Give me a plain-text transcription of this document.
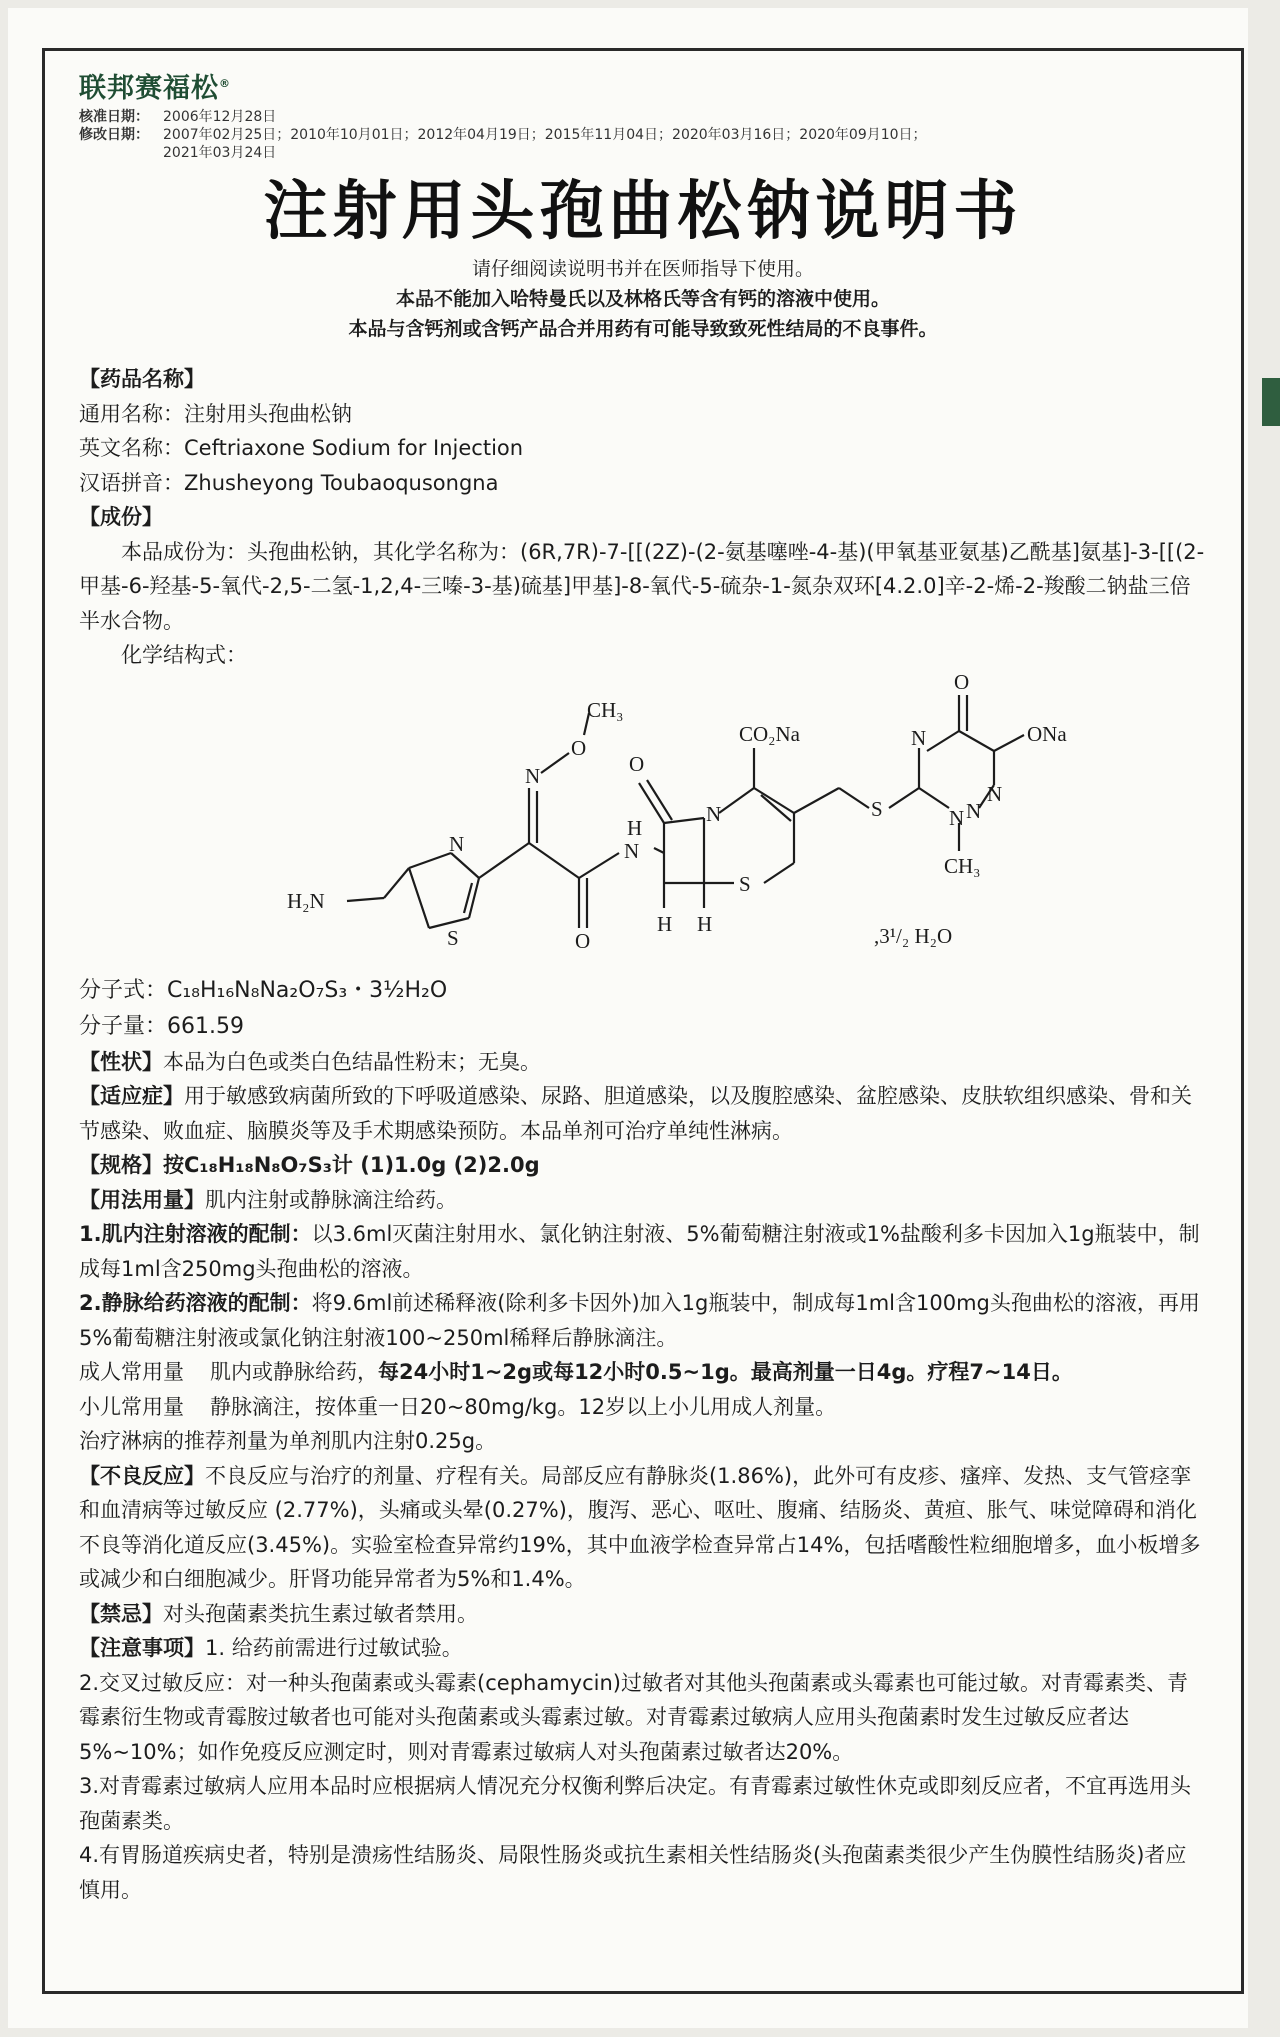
联邦赛福松®
核准日期：	2006年12月28日
修改日期：	2007年02月25日；2010年10月01日；2012年04月19日；2015年11月04日；2020年03月16日；2020年09月10日；
2021年03月24日
注射用头孢曲松钠说明书
请仔细阅读说明书并在医师指导下使用。
本品不能加入哈特曼氏以及林格氏等含有钙的溶液中使用。
本品与含钙剂或含钙产品合并用药有可能导致致死性结局的不良事件。

【药品名称】

通用名称：注射用头孢曲松钠

英文名称：Ceftriaxone Sodium for Injection

汉语拼音：Zhusheyong Toubaoqusongna

【成份】

本品成份为：头孢曲松钠，其化学名称为：(6R,7R)-7-[[(2Z)-(2-氨基噻唑-4-基)(甲氧基亚氨基)乙酰基]氨基]-3-[[(2-甲基-6-羟基-5-氧代-2,5-二氢-1,2,4-三嗪-3-基)硫基]甲基]-8-氧代-5-硫杂-1-氮杂双环[4.2.0]辛-2-烯-2-羧酸二钠盐三倍半水合物。

化学结构式：

CH₃
O
N	O
N
CO₂Na
H
N
H₂N
N
S	O
H H
S
S
O
N	ONa
N N
N
CH₃
,3¹/₂ H₂O

分子式：C₁₈H₁₆N₈Na₂O₇S₃・3½H₂O

分子量：661.59

【性状】本品为白色或类白色结晶性粉末；无臭。

【适应症】用于敏感致病菌所致的下呼吸道感染、尿路、胆道感染，以及腹腔感染、盆腔感染、皮肤软组织感染、骨和关节感染、败血症、脑膜炎等及手术期感染预防。本品单剂可治疗单纯性淋病。

【规格】按C₁₈H₁₈N₈O₇S₃计 (1)1.0g (2)2.0g

【用法用量】肌内注射或静脉滴注给药。

1.肌内注射溶液的配制：以3.6ml灭菌注射用水、氯化钠注射液、5%葡萄糖注射液或1%盐酸利多卡因加入1g瓶装中，制成每1ml含250mg头孢曲松的溶液。

2.静脉给药溶液的配制：将9.6ml前述稀释液(除利多卡因外)加入1g瓶装中，制成每1ml含100mg头孢曲松的溶液，再用5%葡萄糖注射液或氯化钠注射液100~250ml稀释后静脉滴注。

成人常用量 肌内或静脉给药，每24小时1~2g或每12小时0.5~1g。最高剂量一日4g。疗程7~14日。

小儿常用量 静脉滴注，按体重一日20~80mg/kg。12岁以上小儿用成人剂量。

治疗淋病的推荐剂量为单剂肌内注射0.25g。

【不良反应】不良反应与治疗的剂量、疗程有关。局部反应有静脉炎(1.86%)，此外可有皮疹、瘙痒、发热、支气管痉挛和血清病等过敏反应 (2.77%)，头痛或头晕(0.27%)，腹泻、恶心、呕吐、腹痛、结肠炎、黄疸、胀气、味觉障碍和消化不良等消化道反应(3.45%)。实验室检查异常约19%，其中血液学检查异常占14%，包括嗜酸性粒细胞增多，血小板增多或减少和白细胞减少。肝肾功能异常者为5%和1.4%。

【禁忌】对头孢菌素类抗生素过敏者禁用。

【注意事项】1. 给药前需进行过敏试验。

2.交叉过敏反应：对一种头孢菌素或头霉素(cephamycin)过敏者对其他头孢菌素或头霉素也可能过敏。对青霉素类、青霉素衍生物或青霉胺过敏者也可能对头孢菌素或头霉素过敏。对青霉素过敏病人应用头孢菌素时发生过敏反应者达5%~10%；如作免疫反应测定时，则对青霉素过敏病人对头孢菌素过敏者达20%。

3.对青霉素过敏病人应用本品时应根据病人情况充分权衡利弊后决定。有青霉素过敏性休克或即刻反应者，不宜再选用头孢菌素类。

4.有胃肠道疾病史者，特别是溃疡性结肠炎、局限性肠炎或抗生素相关性结肠炎(头孢菌素类很少产生伪膜性结肠炎)者应慎用。
